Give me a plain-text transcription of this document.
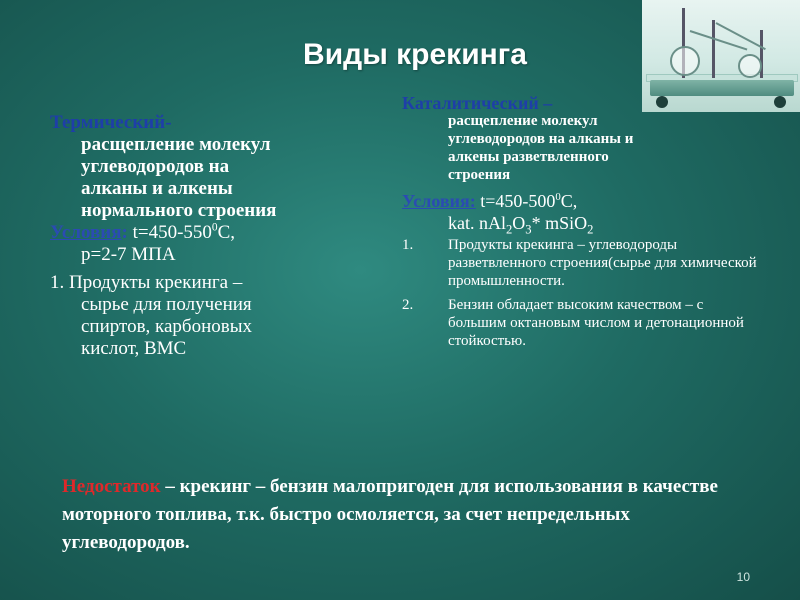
Виды крекинга
Термический-
расщепление молекул
углеводородов на
алканы и алкены
нормального строения
Условия: $t=450-550^0С$,
р=2-7 МПА
1. Продукты крекинга –
сырье для получения
спиртов, карбоновых
кислот, ВМС
Каталитический –
расщепление молекул
углеводородов на алканы и
алкены разветвленного
строения
Условия: $t=450-500^0С$,
kat. $nAl_2O_3*$ mSiO$_2$
1. Продукты крекинга – углеводороды разветвленного строения(сырье для химической промышленности.
2. Бензин обладает высоким качеством – с большим октановым числом и детонационной стойкостью.
Недостаток – крекинг – бензин малопригоден для использования в качестве моторного топлива, т.к. быстро осмоляется, за счет непредельных углеводородов.
10
